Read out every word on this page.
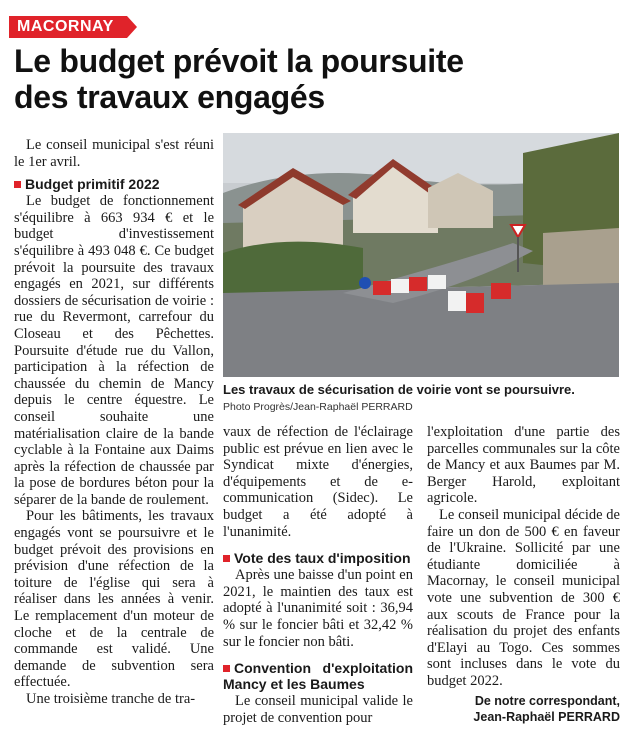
MACORNAY
Le budget prévoit la poursuite
des travaux engagés

Le conseil municipal s'est réuni le 1er avril.

Budget primitif 2022

Le budget de fonctionnement s'équilibre à 663 934 € et le budget d'investissement s'équilibre à 493 048 €. Ce budget prévoit la poursuite des travaux engagés en 2021, sur différents dossiers de sécurisation de voirie : rue du Revermont, carrefour du Closeau et des Pêchettes. Poursuite d'étude rue du Vallon, participation à la réfection de chaussée du chemin de Mancy depuis le centre équestre. Le conseil souhaite une matérialisation claire de la bande cyclable à la Fontaine aux Daims après la réfection de chaussée par la pose de bordures béton pour la séparer de la bande de roulement.

Pour les bâtiments, les travaux engagés vont se poursuivre et le budget prévoit des provisions en prévision d'une réfection de la toiture de l'église qui sera à réaliser dans les années à venir. Le remplacement d'un moteur de cloche et de la centrale de commande est validé. Une demande de subvention sera effectuée.

Une troisième tranche de tra-

Les travaux de sécurisation de voirie vont se poursuivre.
Photo Progrès/Jean-Raphaël PERRARD

vaux de réfection de l'éclairage public est prévue en lien avec le Syndicat mixte d'énergies, d'équipements et de e-communication (Sidec). Le budget a été adopté à l'unanimité.

Vote des taux d'imposition

Après une baisse d'un point en 2021, le maintien des taux est adopté à l'unanimité soit : 36,94 % sur le foncier bâti et 32,42 % sur le foncier non bâti.

Convention d'exploitation Mancy et les Baumes

Le conseil municipal valide le projet de convention pour

l'exploitation d'une partie des parcelles communales sur la côte de Mancy et aux Baumes par M. Berger Harold, exploitant agricole.

Le conseil municipal décide de faire un don de 500 € en faveur de l'Ukraine. Sollicité par une étudiante domiciliée à Macornay, le conseil municipal vote une subvention de 300 € aux scouts de France pour la réalisation du projet des enfants d'Elayi au Togo. Ces sommes sont incluses dans le vote du budget 2022.

De notre correspondant,
Jean-Raphaël PERRARD
